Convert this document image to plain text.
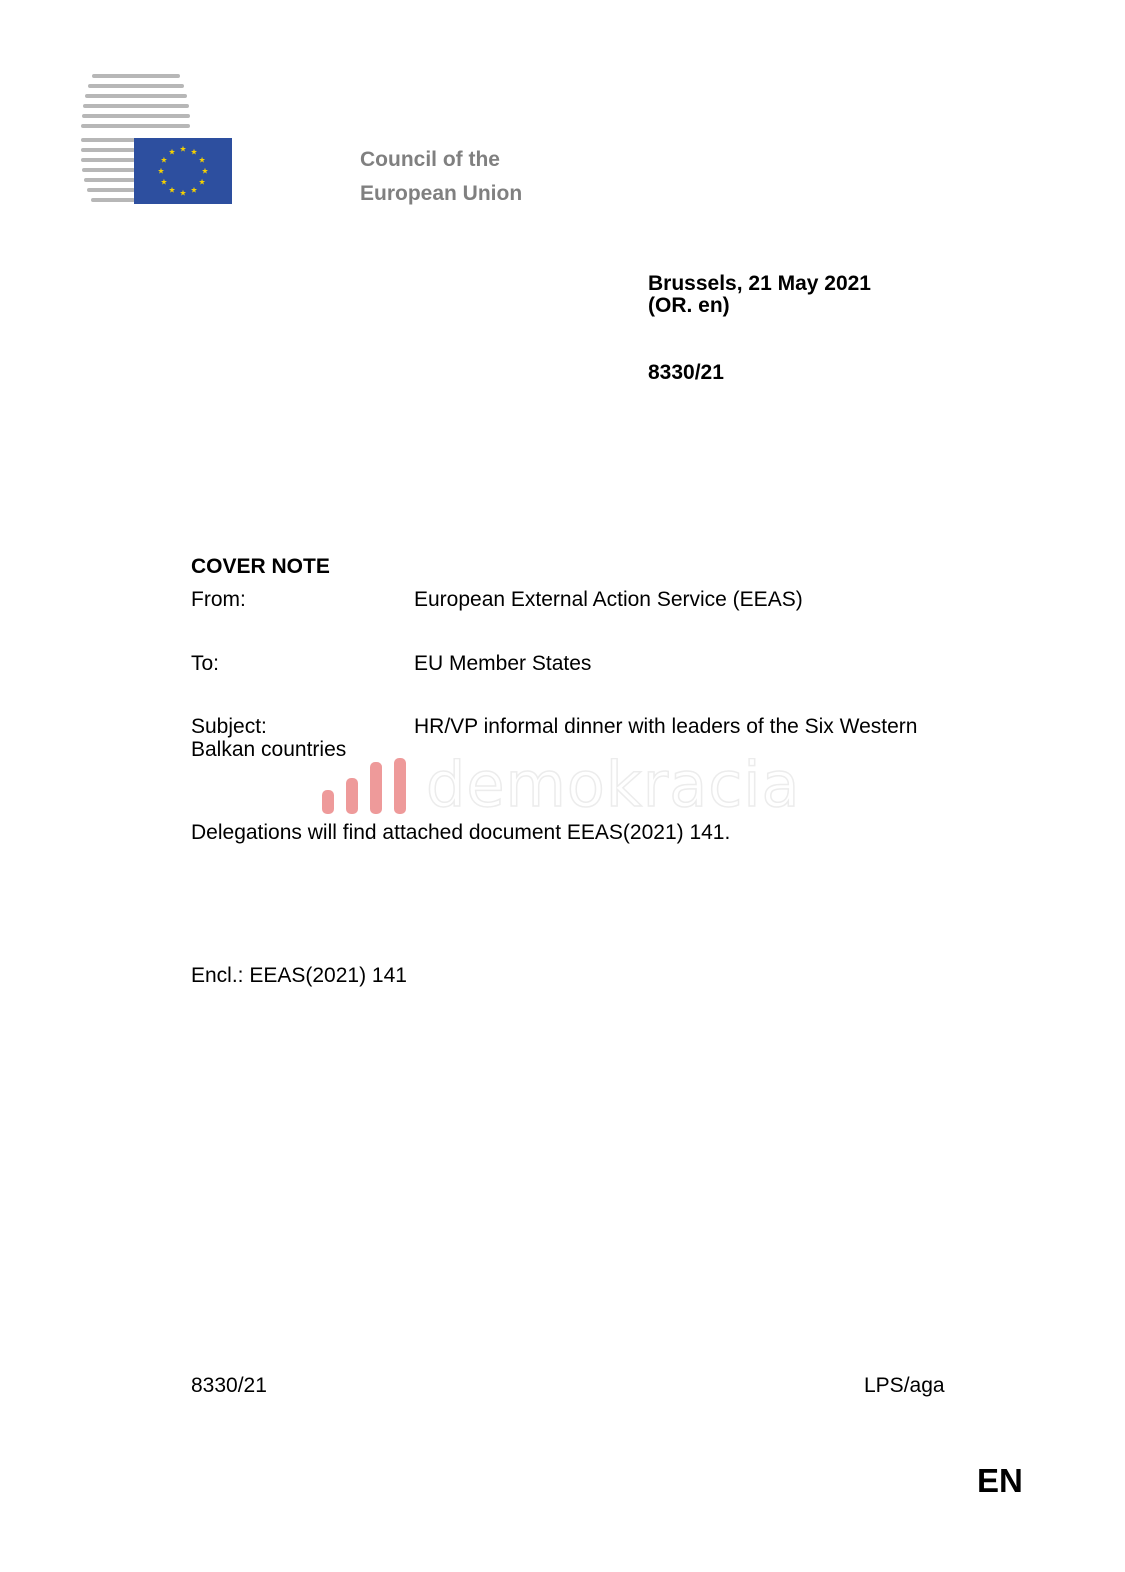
Council of the
European Union
Brussels, 21 May 2021
(OR. en)
8330/21
COVER NOTE
From:	European External Action Service (EEAS)
To:	EU Member States
Subject:	HR/VP informal dinner with leaders of the Six Western
Balkan countries demokracia
Delegations will find attached document EEAS(2021) 141.
Encl.: EEAS(2021) 141
8330/21	LPS/aga
EN
